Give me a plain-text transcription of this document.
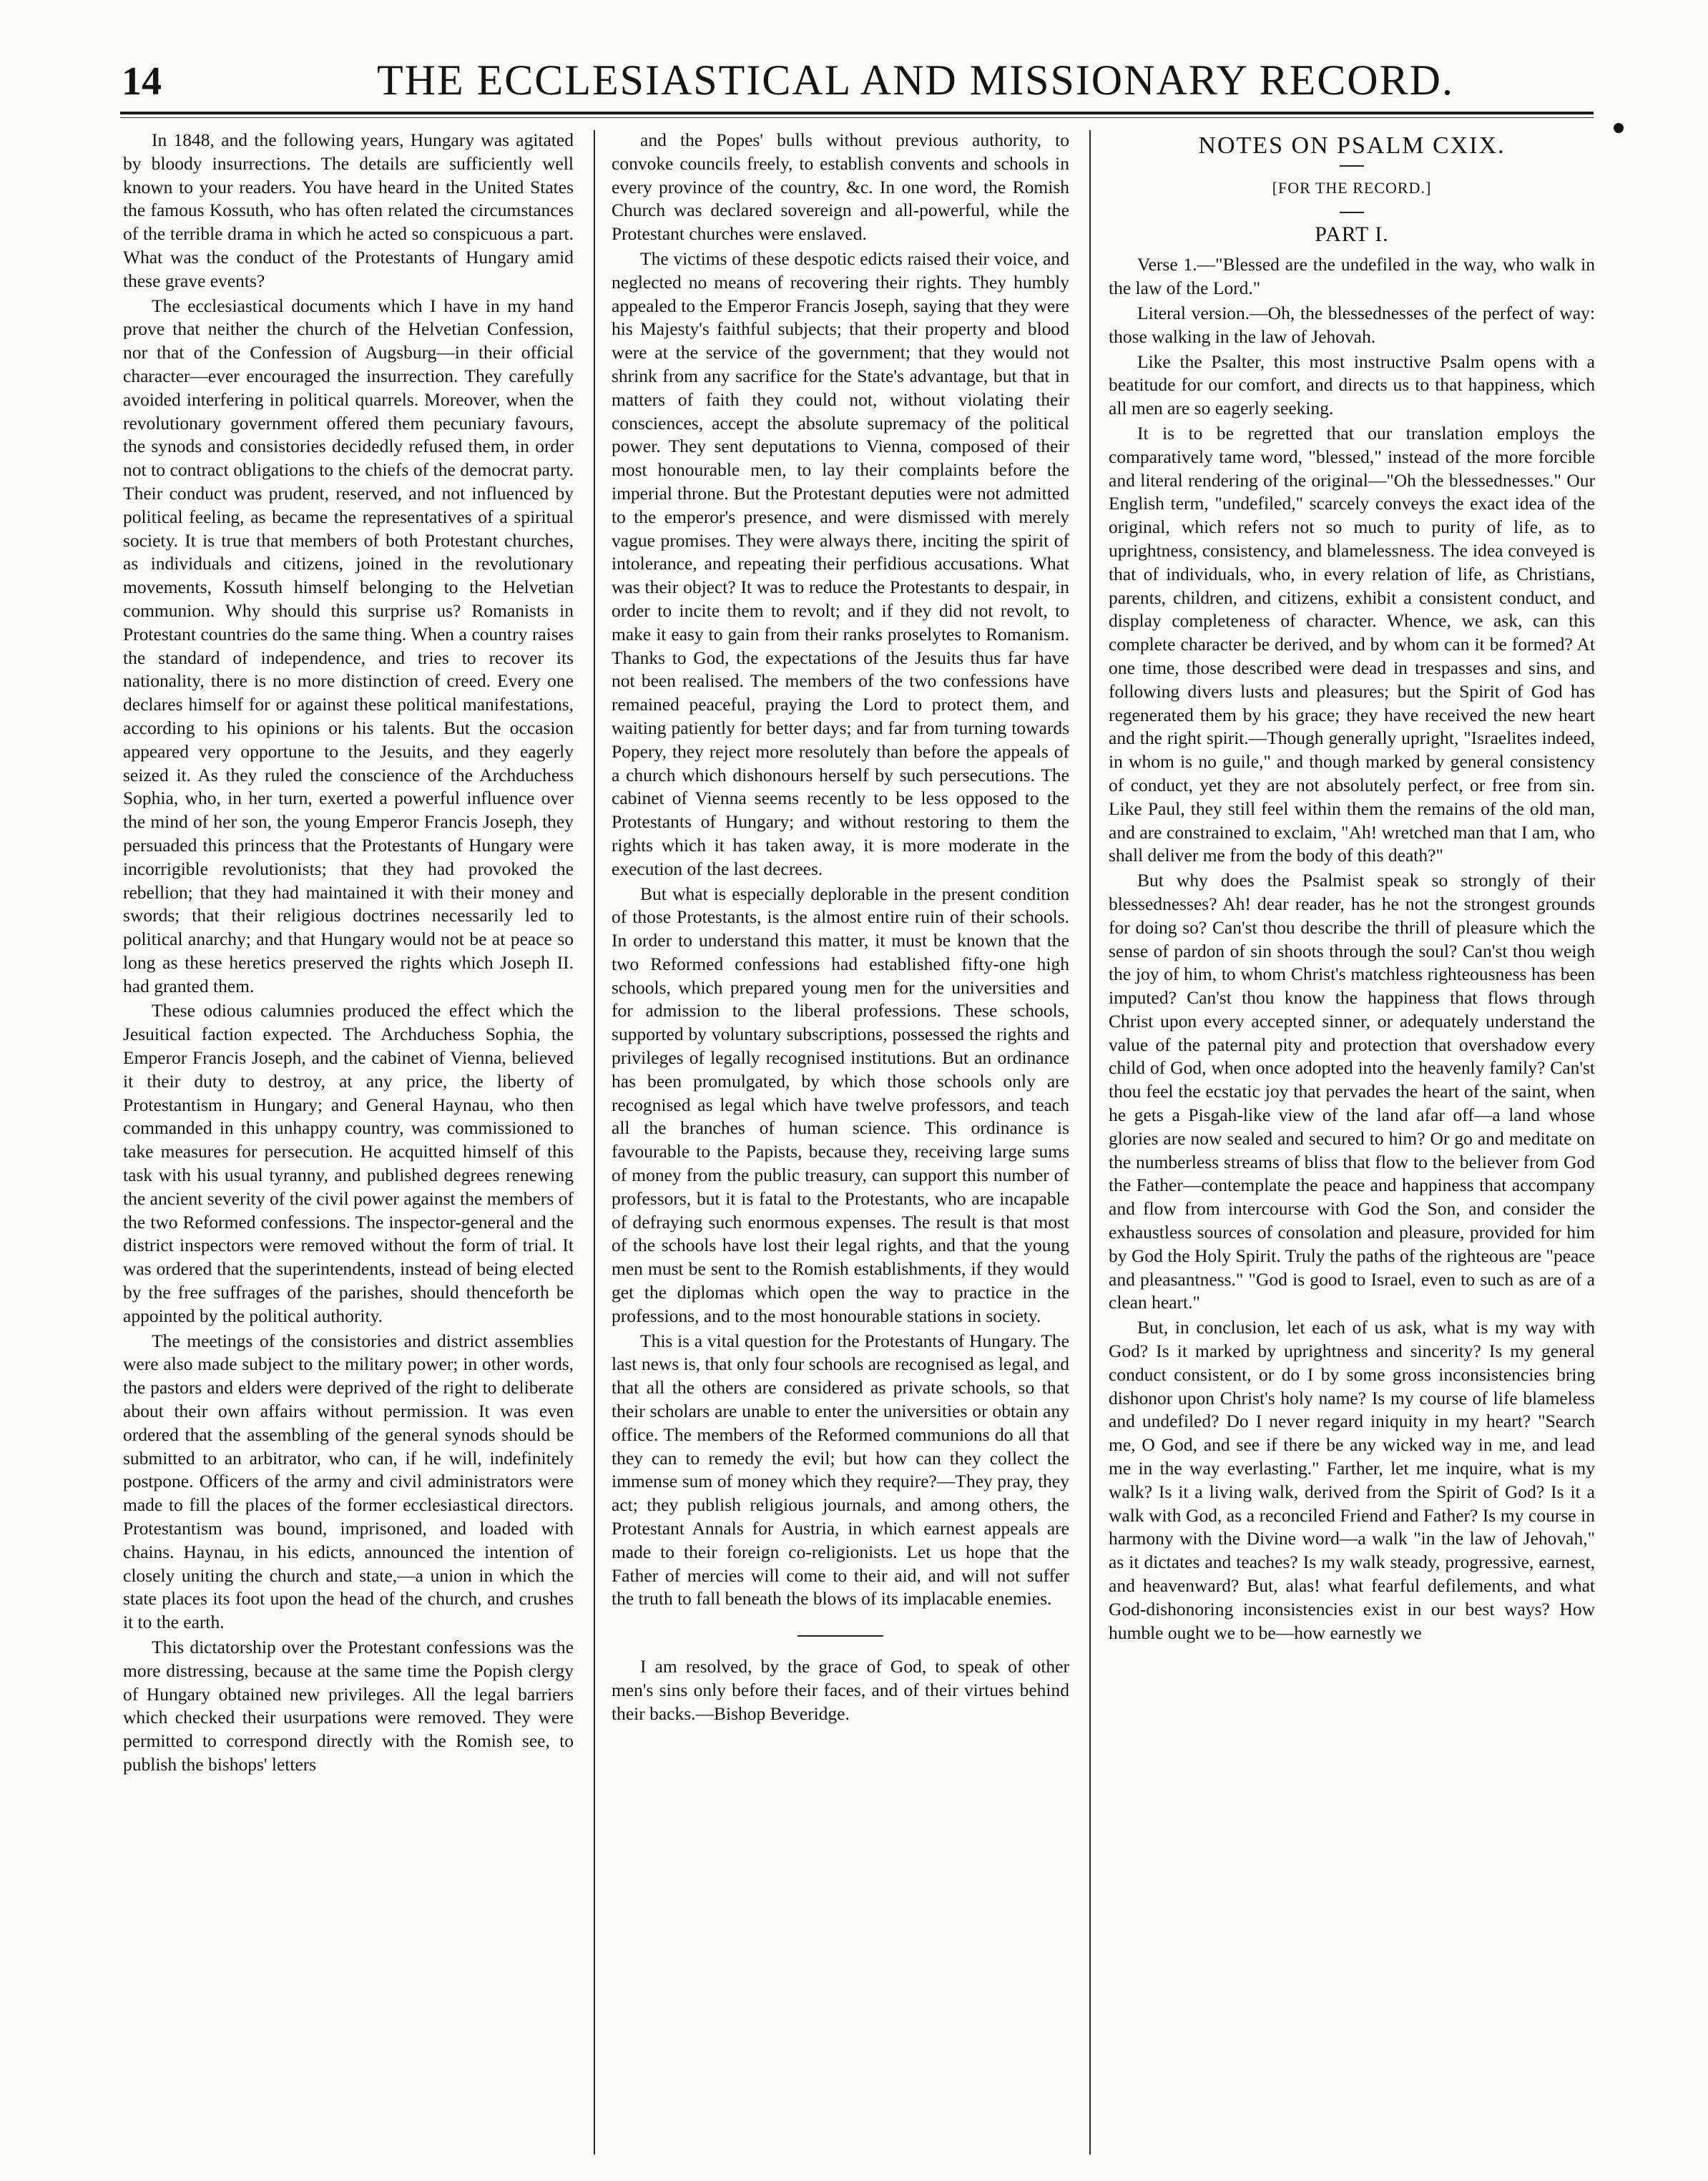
14	THE ECCLESIASTICAL AND MISSIONARY RECORD.

In 1848, and the following years, Hungary was agitated by bloody insurrections. The details are sufficiently well known to your readers. You have heard in the United States the famous Kossuth, who has often related the circumstances of the terrible drama in which he acted so conspicuous a part. What was the conduct of the Protestants of Hungary amid these grave events?

The ecclesiastical documents which I have in my hand prove that neither the church of the Helvetian Confession, nor that of the Confession of Augsburg—in their official character—ever encouraged the insurrection. They carefully avoided interfering in political quarrels. Moreover, when the revolutionary government offered them pecuniary favours, the synods and consistories decidedly refused them, in order not to contract obligations to the chiefs of the democrat party. Their conduct was prudent, reserved, and not influenced by political feeling, as became the representatives of a spiritual society. It is true that members of both Protestant churches, as individuals and citizens, joined in the revolutionary movements, Kossuth himself belonging to the Helvetian communion. Why should this surprise us? Romanists in Protestant countries do the same thing. When a country raises the standard of independence, and tries to recover its nationality, there is no more distinction of creed. Every one declares himself for or against these political manifestations, according to his opinions or his talents. But the occasion appeared very opportune to the Jesuits, and they eagerly seized it. As they ruled the conscience of the Archduchess Sophia, who, in her turn, exerted a powerful influence over the mind of her son, the young Emperor Francis Joseph, they persuaded this princess that the Protestants of Hungary were incorrigible revolutionists; that they had provoked the rebellion; that they had maintained it with their money and swords; that their religious doctrines necessarily led to political anarchy; and that Hungary would not be at peace so long as these heretics preserved the rights which Joseph II. had granted them.

These odious calumnies produced the effect which the Jesuitical faction expected. The Archduchess Sophia, the Emperor Francis Joseph, and the cabinet of Vienna, believed it their duty to destroy, at any price, the liberty of Protestantism in Hungary; and General Haynau, who then commanded in this unhappy country, was commissioned to take measures for persecution. He acquitted himself of this task with his usual tyranny, and published degrees renewing the ancient severity of the civil power against the members of the two Reformed confessions. The inspector-general and the district inspectors were removed without the form of trial. It was ordered that the superintendents, instead of being elected by the free suffrages of the parishes, should thenceforth be appointed by the political authority.

The meetings of the consistories and district assemblies were also made subject to the military power; in other words, the pastors and elders were deprived of the right to deliberate about their own affairs without permission. It was even ordered that the assembling of the general synods should be submitted to an arbitrator, who can, if he will, indefinitely postpone. Officers of the army and civil administrators were made to fill the places of the former ecclesiastical directors. Protestantism was bound, imprisoned, and loaded with chains. Haynau, in his edicts, announced the intention of closely uniting the church and state,—a union in which the state places its foot upon the head of the church, and crushes it to the earth.

This dictatorship over the Protestant confessions was the more distressing, because at the same time the Popish clergy of Hungary obtained new privileges. All the legal barriers which checked their usurpations were removed. They were permitted to correspond directly with the Romish see, to publish the bishops' letters

and the Popes' bulls without previous authority, to convoke councils freely, to establish convents and schools in every province of the country, &c. In one word, the Romish Church was declared sovereign and all-powerful, while the Protestant churches were enslaved.

The victims of these despotic edicts raised their voice, and neglected no means of recovering their rights. They humbly appealed to the Emperor Francis Joseph, saying that they were his Majesty's faithful subjects; that their property and blood were at the service of the government; that they would not shrink from any sacrifice for the State's advantage, but that in matters of faith they could not, without violating their consciences, accept the absolute supremacy of the political power. They sent deputations to Vienna, composed of their most honourable men, to lay their complaints before the imperial throne. But the Protestant deputies were not admitted to the emperor's presence, and were dismissed with merely vague promises. They were always there, inciting the spirit of intolerance, and repeating their perfidious accusations. What was their object? It was to reduce the Protestants to despair, in order to incite them to revolt; and if they did not revolt, to make it easy to gain from their ranks proselytes to Romanism. Thanks to God, the expectations of the Jesuits thus far have not been realised. The members of the two confessions have remained peaceful, praying the Lord to protect them, and waiting patiently for better days; and far from turning towards Popery, they reject more resolutely than before the appeals of a church which dishonours herself by such persecutions. The cabinet of Vienna seems recently to be less opposed to the Protestants of Hungary; and without restoring to them the rights which it has taken away, it is more moderate in the execution of the last decrees.

But what is especially deplorable in the present condition of those Protestants, is the almost entire ruin of their schools. In order to understand this matter, it must be known that the two Reformed confessions had established fifty-one high schools, which prepared young men for the universities and for admission to the liberal professions. These schools, supported by voluntary subscriptions, possessed the rights and privileges of legally recognised institutions. But an ordinance has been promulgated, by which those schools only are recognised as legal which have twelve professors, and teach all the branches of human science. This ordinance is favourable to the Papists, because they, receiving large sums of money from the public treasury, can support this number of professors, but it is fatal to the Protestants, who are incapable of defraying such enormous expenses. The result is that most of the schools have lost their legal rights, and that the young men must be sent to the Romish establishments, if they would get the diplomas which open the way to practice in the professions, and to the most honourable stations in society.

This is a vital question for the Protestants of Hungary. The last news is, that only four schools are recognised as legal, and that all the others are considered as private schools, so that their scholars are unable to enter the universities or obtain any office. The members of the Reformed communions do all that they can to remedy the evil; but how can they collect the immense sum of money which they require?—They pray, they act; they publish religious journals, and among others, the Protestant Annals for Austria, in which earnest appeals are made to their foreign co-religionists. Let us hope that the Father of mercies will come to their aid, and will not suffer the truth to fall beneath the blows of its implacable enemies.

I am resolved, by the grace of God, to speak of other men's sins only before their faces, and of their virtues behind their backs.—Bishop Beveridge.

NOTES ON PSALM CXIX.
[FOR THE RECORD.]
PART I.

Verse 1.—"Blessed are the undefiled in the way, who walk in the law of the Lord."

Literal version.—Oh, the blessednesses of the perfect of way: those walking in the law of Jehovah.

Like the Psalter, this most instructive Psalm opens with a beatitude for our comfort, and directs us to that happiness, which all men are so eagerly seeking.

It is to be regretted that our translation employs the comparatively tame word, "blessed," instead of the more forcible and literal rendering of the original—"Oh the blessednesses." Our English term, "undefiled," scarcely conveys the exact idea of the original, which refers not so much to purity of life, as to uprightness, consistency, and blamelessness. The idea conveyed is that of individuals, who, in every relation of life, as Christians, parents, children, and citizens, exhibit a consistent conduct, and display completeness of character. Whence, we ask, can this complete character be derived, and by whom can it be formed? At one time, those described were dead in trespasses and sins, and following divers lusts and pleasures; but the Spirit of God has regenerated them by his grace; they have received the new heart and the right spirit.—Though generally upright, "Israelites indeed, in whom is no guile," and though marked by general consistency of conduct, yet they are not absolutely perfect, or free from sin. Like Paul, they still feel within them the remains of the old man, and are constrained to exclaim, "Ah! wretched man that I am, who shall deliver me from the body of this death?"

But why does the Psalmist speak so strongly of their blessednesses? Ah! dear reader, has he not the strongest grounds for doing so? Can'st thou describe the thrill of pleasure which the sense of pardon of sin shoots through the soul? Can'st thou weigh the joy of him, to whom Christ's matchless righteousness has been imputed? Can'st thou know the happiness that flows through Christ upon every accepted sinner, or adequately understand the value of the paternal pity and protection that overshadow every child of God, when once adopted into the heavenly family? Can'st thou feel the ecstatic joy that pervades the heart of the saint, when he gets a Pisgah-like view of the land afar off—a land whose glories are now sealed and secured to him? Or go and meditate on the numberless streams of bliss that flow to the believer from God the Father—contemplate the peace and happiness that accompany and flow from intercourse with God the Son, and consider the exhaustless sources of consolation and pleasure, provided for him by God the Holy Spirit. Truly the paths of the righteous are "peace and pleasantness." "God is good to Israel, even to such as are of a clean heart."

But, in conclusion, let each of us ask, what is my way with God? Is it marked by uprightness and sincerity? Is my general conduct consistent, or do I by some gross inconsistencies bring dishonor upon Christ's holy name? Is my course of life blameless and undefiled? Do I never regard iniquity in my heart? "Search me, O God, and see if there be any wicked way in me, and lead me in the way everlasting." Farther, let me inquire, what is my walk? Is it a living walk, derived from the Spirit of God? Is it a walk with God, as a reconciled Friend and Father? Is my course in harmony with the Divine word—a walk "in the law of Jehovah," as it dictates and teaches? Is my walk steady, progressive, earnest, and heavenward? But, alas! what fearful defilements, and what God-dishonoring inconsistencies exist in our best ways? How humble ought we to be—how earnestly we
